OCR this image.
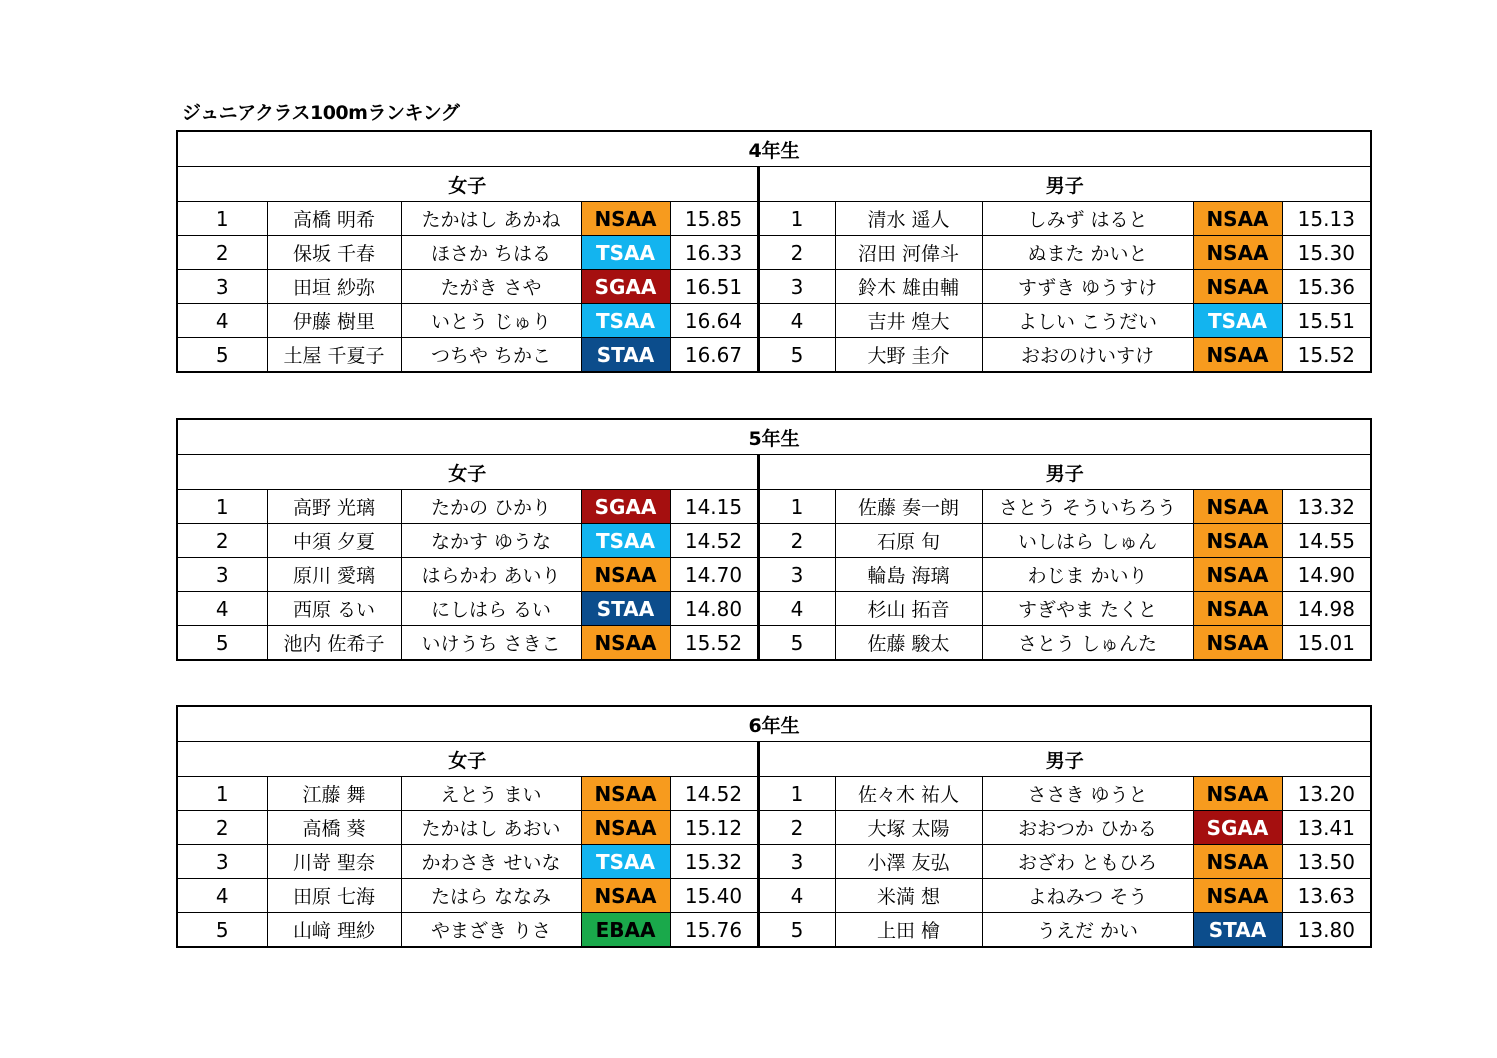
ジュニアクラス100mランキング
4年生									
女子					男子				
1	高橋 明希	たかはし あかね	NSAA	15.85	1	清水 遥人	しみず はると	NSAA	15.13
2	保坂 千春	ほさか ちはる	TSAA	16.33	2	沼田 河偉斗	ぬまた かいと	NSAA	15.30
3	田垣 紗弥	たがき さや	SGAA	16.51	3	鈴木 雄由輔	すずき ゆうすけ	NSAA	15.36
4	伊藤 樹里	いとう じゅり	TSAA	16.64	4	吉井 煌大	よしい こうだい	TSAA	15.51
5	土屋 千夏子	つちや ちかこ	STAA	16.67	5	大野 圭介	おおのけいすけ	NSAA	15.52
5年生									
女子					男子				
1	高野 光璃	たかの ひかり	SGAA	14.15	1	佐藤 奏一朗	さとう そういちろう	NSAA	13.32
2	中須 夕夏	なかす ゆうな	TSAA	14.52	2	石原 旬	いしはら しゅん	NSAA	14.55
3	原川 愛璃	はらかわ あいり	NSAA	14.70	3	輪島 海璃	わじま かいり	NSAA	14.90
4	西原 るい	にしはら るい	STAA	14.80	4	杉山 拓音	すぎやま たくと	NSAA	14.98
5	池内 佐希子	いけうち さきこ	NSAA	15.52	5	佐藤 駿太	さとう しゅんた	NSAA	15.01
6年生									
女子					男子				
1	江藤 舞	えとう まい	NSAA	14.52	1	佐々木 祐人	ささき ゆうと	NSAA	13.20
2	高橋 葵	たかはし あおい	NSAA	15.12	2	大塚 太陽	おおつか ひかる	SGAA	13.41
3	川嵜 聖奈	かわさき せいな	TSAA	15.32	3	小澤 友弘	おざわ ともひろ	NSAA	13.50
4	田原 七海	たはら ななみ	NSAA	15.40	4	米満 想	よねみつ そう	NSAA	13.63
5	山﨑 理紗	やまざき りさ	EBAA	15.76	5	上田 檜	うえだ かい	STAA	13.80
